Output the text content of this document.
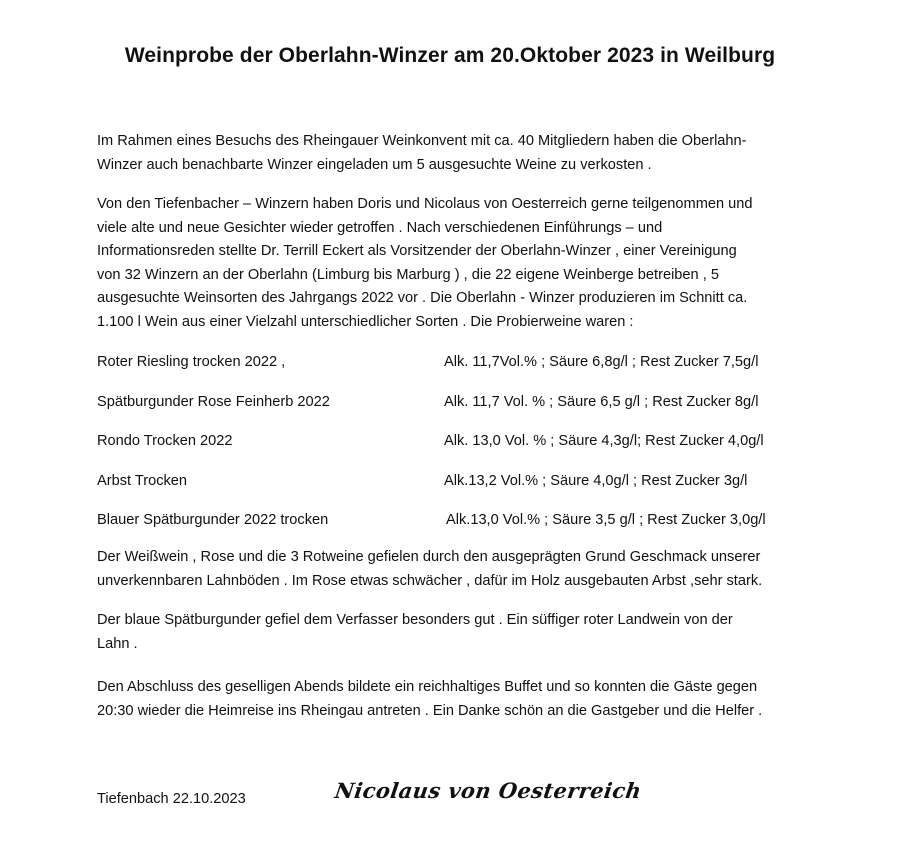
Weinprobe der Oberlahn-Winzer am 20.Oktober 2023 in Weilburg

Im Rahmen eines Besuchs des Rheingauer Weinkonvent mit ca. 40 Mitgliedern haben die Oberlahn-
Winzer auch benachbarte Winzer eingeladen um 5 ausgesuchte Weine zu verkosten .

Von den Tiefenbacher – Winzern haben Doris und Nicolaus von Oesterreich gerne teilgenommen und
viele alte und neue Gesichter wieder getroffen . Nach verschiedenen Einführungs – und
Informationsreden stellte Dr. Terrill Eckert als Vorsitzender der Oberlahn-Winzer , einer Vereinigung
von 32 Winzern an der Oberlahn (Limburg bis Marburg ) , die 22 eigene Weinberge betreiben , 5
ausgesuchte Weinsorten des Jahrgangs 2022 vor . Die Oberlahn - Winzer produzieren im Schnitt ca.
1.100 l Wein aus einer Vielzahl unterschiedlicher Sorten . Die Probierweine waren :

Roter Riesling trocken 2022 ,	Alk. 11,7Vol.% ; Säure 6,8g/l ; Rest Zucker 7,5g/l
Spätburgunder Rose Feinherb 2022	Alk. 11,7 Vol. % ; Säure 6,5 g/l ; Rest Zucker 8g/l
Rondo Trocken 2022	Alk. 13,0 Vol. % ; Säure 4,3g/l; Rest Zucker 4,0g/l
Arbst Trocken	Alk.13,2 Vol.% ; Säure 4,0g/l ; Rest Zucker 3g/l
Blauer Spätburgunder 2022 trocken	Alk.13,0 Vol.% ; Säure 3,5 g/l ; Rest Zucker 3,0g/l

Der Weißwein , Rose und die 3 Rotweine gefielen durch den ausgeprägten Grund Geschmack unserer
unverkennbaren Lahnböden . Im Rose etwas schwächer , dafür im Holz ausgebauten Arbst ,sehr stark.

Der blaue Spätburgunder gefiel dem Verfasser besonders gut . Ein süffiger roter Landwein von der
Lahn .

Den Abschluss des geselligen Abends bildete ein reichhaltiges Buffet und so konnten die Gäste gegen
20:30 wieder die Heimreise ins Rheingau antreten . Ein Danke schön an die Gastgeber und die Helfer .

Tiefenbach 22.10.2023	Nicolaus von Oesterreich
